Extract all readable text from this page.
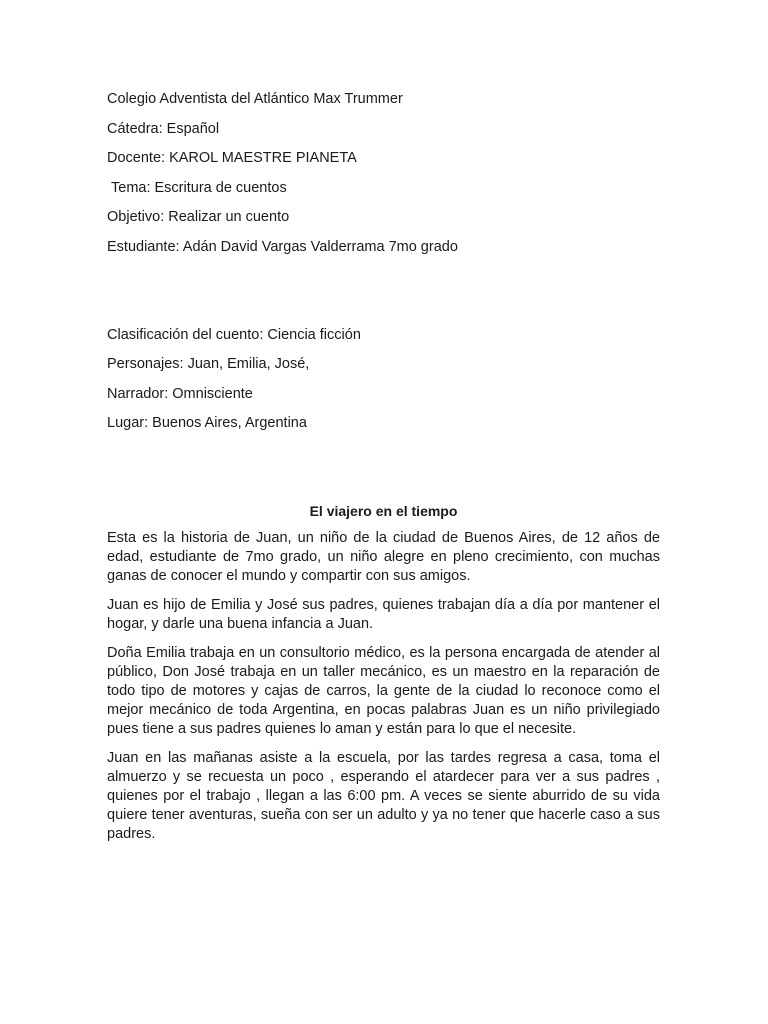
Colegio Adventista del Atlántico Max Trummer
Cátedra: Español
Docente: KAROL MAESTRE PIANETA
Tema: Escritura de cuentos
Objetivo: Realizar un cuento
Estudiante: Adán David Vargas Valderrama 7mo grado
Clasificación del cuento: Ciencia ficción
Personajes: Juan, Emilia, José,
Narrador: Omnisciente
Lugar: Buenos Aires, Argentina
El viajero en el tiempo

Esta es la historia de Juan, un niño de la ciudad de Buenos Aires, de 12 años de edad, estudiante de 7mo grado, un niño alegre en pleno crecimiento, con muchas ganas de conocer el mundo y compartir con sus amigos.

Juan es hijo de Emilia y José sus padres, quienes trabajan día a día por mantener el hogar, y darle una buena infancia a Juan.

Doña Emilia trabaja en un consultorio médico, es la persona encargada de atender al público, Don José trabaja en un taller mecánico, es un maestro en la reparación de todo tipo de motores y cajas de carros, la gente de la ciudad lo reconoce como el mejor mecánico de toda Argentina, en pocas palabras Juan es un niño privilegiado pues tiene a sus padres quienes lo aman y están para lo que el necesite.

Juan en las mañanas asiste a la escuela, por las tardes regresa a casa, toma el almuerzo y se recuesta un poco , esperando el atardecer para ver a sus padres , quienes por el trabajo , llegan a las 6:00 pm. A veces se siente aburrido de su vida quiere tener aventuras, sueña con ser un adulto y ya no tener que hacerle caso a sus padres.
